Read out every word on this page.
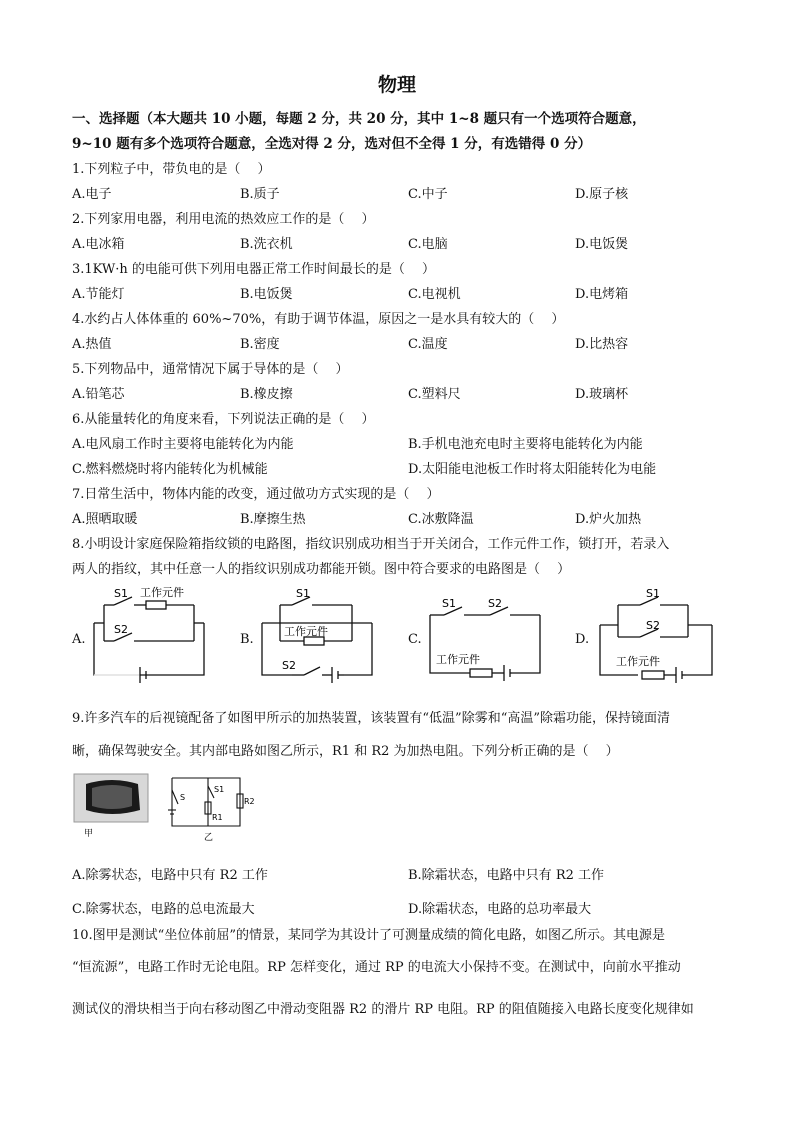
物理
一、选择题（本大题共 10 小题，每题 2 分，共 20 分，其中 1~8 题只有一个选项符合题意，
9~10 题有多个选项符合题意，全选对得 2 分，选对但不全得 1 分，有选错得 0 分）
1.下列粒子中，带负电的是（　 ）
A.电子	B.质子	C.中子	D.原子核
2.下列家用电器，利用电流的热效应工作的是（　 ）
A.电冰箱	B.洗衣机	C.电脑	D.电饭煲
3.1KW·h 的电能可供下列用电器正常工作时间最长的是（　 ）
A.节能灯	B.电饭煲	C.电视机	D.电烤箱
4.水约占人体体重的 60%~70%，有助于调节体温，原因之一是水具有较大的（　 ）
A.热值	B.密度	C.温度	D.比热容
5.下列物品中，通常情况下属于导体的是（　 ）
A.铅笔芯	B.橡皮擦	C.塑料尺	D.玻璃杯
6.从能量转化的角度来看，下列说法正确的是（　 ）
A.电风扇工作时主要将电能转化为内能	B.手机电池充电时主要将电能转化为内能
C.燃料燃烧时将内能转化为机械能	D.太阳能电池板工作时将太阳能转化为电能
7.日常生活中，物体内能的改变，通过做功方式实现的是（　 ）
A.照晒取暖	B.摩擦生热	C.冰敷降温	D.炉火加热
8.小明设计家庭保险箱指纹锁的电路图，指纹识别成功相当于开关闭合，工作元件工作，锁打开，若录入
两人的指纹，其中任意一人的指纹识别成功都能开锁。图中符合要求的电路图是（　 ）
A.
S1 工作元件
S2
B.
S1
工作元件
S2
C.
S1	S2
工作元件
D.
S1
S2
工作元件
9.许多汽车的后视镜配备了如图甲所示的加热装置，该装置有“低温”除雾和“高温”除霜功能，保持镜面清
晰，确保驾驶安全。其内部电路如图乙所示，R1 和 R2 为加热电阻。下列分析正确的是（　 ）
甲
S
S1
R1
R2
乙
A.除雾状态，电路中只有 R2 工作	B.除霜状态，电路中只有 R2 工作
C.除雾状态，电路的总电流最大	D.除霜状态，电路的总功率最大
10.图甲是测试“坐位体前屈”的情景，某同学为其设计了可测量成绩的简化电路，如图乙所示。其电源是
“恒流源”，电路工作时无论电阻。RP 怎样变化，通过 RP 的电流大小保持不变。在测试中，向前水平推动
测试仪的滑块相当于向右移动图乙中滑动变阻器 R2 的滑片 RP 电阻。RP 的阻值随接入电路长度变化规律如
